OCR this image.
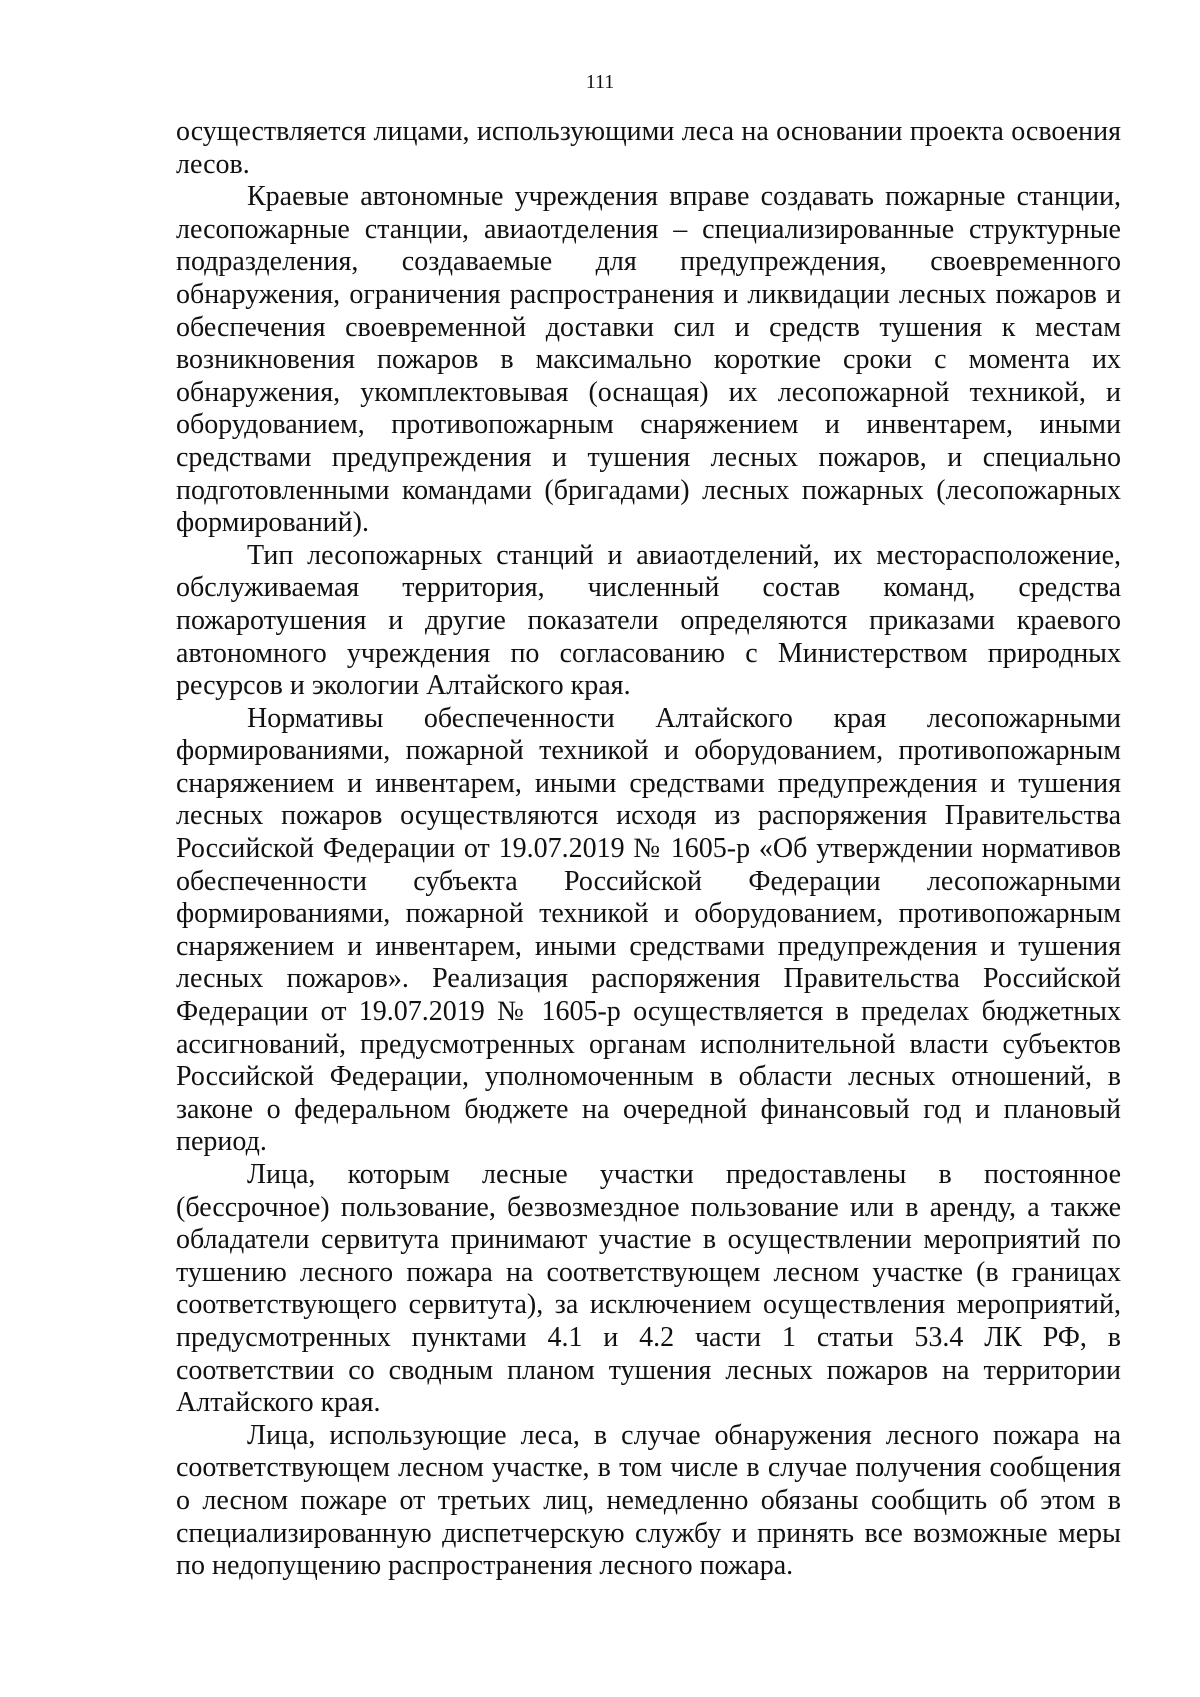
111

осуществляется лицами, использующими леса на основании проекта освоения лесов.

Краевые автономные учреждения вправе создавать пожарные станции, лесопожарные станции, авиаотделения – специализированные структурные подразделения, создаваемые для предупреждения, своевременного обнаружения, ограничения распространения и ликвидации лесных пожаров и обеспечения своевременной доставки сил и средств тушения к местам возникновения пожаров в максимально короткие сроки с момента их обнаружения, укомплектовывая (оснащая) их лесопожарной техникой, и оборудованием, противопожарным снаряжением и инвентарем, иными средствами предупреждения и тушения лесных пожаров, и специально подготовленными командами (бригадами) лесных пожарных (лесопожарных формирований).

Тип лесопожарных станций и авиаотделений, их месторасположение, обслуживаемая территория, численный состав команд, средства пожаротушения и другие показатели определяются приказами краевого автономного учреждения по согласованию с Министерством природных ресурсов и экологии Алтайского края.

Нормативы обеспеченности Алтайского края лесопожарными формированиями, пожарной техникой и оборудованием, противопожарным снаряжением и инвентарем, иными средствами предупреждения и тушения лесных пожаров осуществляются исходя из распоряжения Правительства Российской Федерации от 19.07.2019 № 1605-р «Об утверждении нормативов обеспеченности субъекта Российской Федерации лесопожарными формированиями, пожарной техникой и оборудованием, противопожарным снаряжением и инвентарем, иными средствами предупреждения и тушения лесных пожаров». Реализация распоряжения Правительства Российской Федерации от 19.07.2019 № 1605-р осуществляется в пределах бюджетных ассигнований, предусмотренных органам исполнительной власти субъектов Российской Федерации, уполномоченным в области лесных отношений, в законе о федеральном бюджете на очередной финансовый год и плановый период.

Лица, которым лесные участки предоставлены в постоянное (бессрочное) пользование, безвозмездное пользование или в аренду, а также обладатели сервитута принимают участие в осуществлении мероприятий по тушению лесного пожара на соответствующем лесном участке (в границах соответствующего сервитута), за исключением осуществления мероприятий, предусмотренных пунктами 4.1 и 4.2 части 1 статьи 53.4 ЛК РФ, в соответствии со сводным планом тушения лесных пожаров на территории Алтайского края.

Лица, использующие леса, в случае обнаружения лесного пожара на соответствующем лесном участке, в том числе в случае получения сообщения о лесном пожаре от третьих лиц, немедленно обязаны сообщить об этом в специализированную диспетчерскую службу и принять все возможные меры по недопущению распространения лесного пожара.
